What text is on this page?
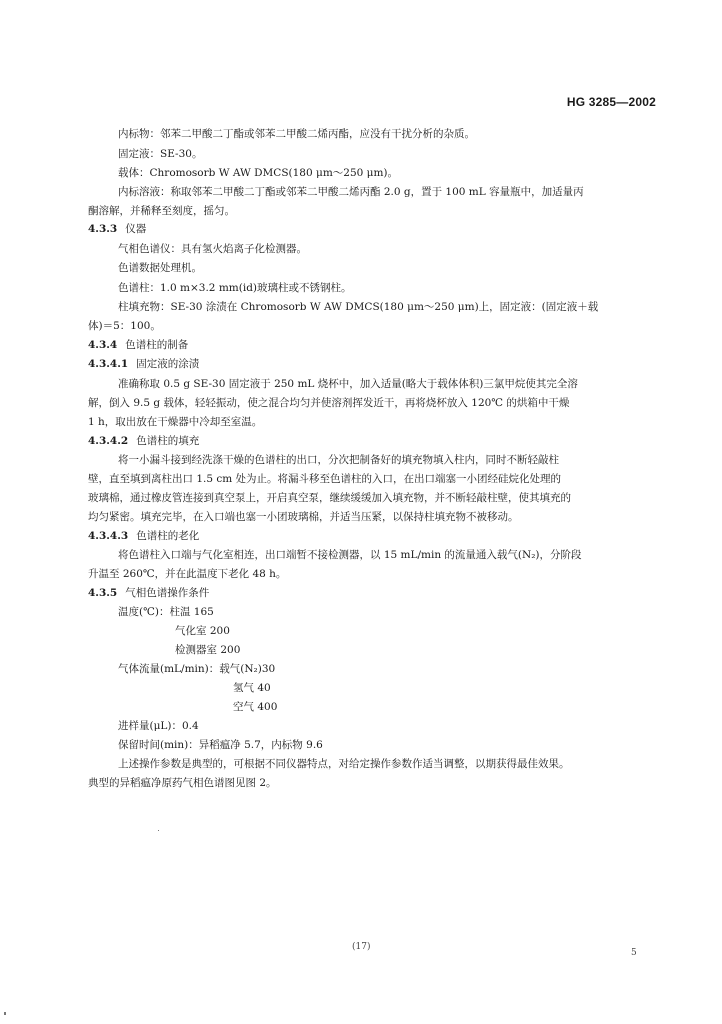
HG 3285—2002
内标物：邻苯二甲酸二丁酯或邻苯二甲酸二烯丙酯，应没有干扰分析的杂质。
固定液：SE-30。
载体：Chromosorb W AW DMCS(180 μm～250 μm)。
内标溶液：称取邻苯二甲酸二丁酯或邻苯二甲酸二烯丙酯 2.0 g，置于 100 mL 容量瓶中，加适量丙
酮溶解，并稀释至刻度，摇匀。
4.3.3 仪器
气相色谱仪：具有氢火焰离子化检测器。
色谱数据处理机。
色谱柱：1.0 m×3.2 mm(id)玻璃柱或不锈钢柱。
柱填充物：SE-30 涂渍在 Chromosorb W AW DMCS(180 μm～250 μm)上，固定液：(固定液＋载
体)＝5：100。
4.3.4 色谱柱的制备
4.3.4.1 固定液的涂渍
准确称取 0.5 g SE-30 固定液于 250 mL 烧杯中，加入适量(略大于载体体积)三氯甲烷使其完全溶
解，倒入 9.5 g 载体，轻轻振动，使之混合均匀并使溶剂挥发近干，再将烧杯放入 120℃ 的烘箱中干燥
1 h，取出放在干燥器中冷却至室温。
4.3.4.2 色谱柱的填充
将一小漏斗接到经洗涤干燥的色谱柱的出口，分次把制备好的填充物填入柱内，同时不断轻敲柱
壁，直至填到离柱出口 1.5 cm 处为止。将漏斗移至色谱柱的入口，在出口端塞一小团经硅烷化处理的
玻璃棉，通过橡皮管连接到真空泵上，开启真空泵，继续缓缓加入填充物，并不断轻敲柱壁，使其填充的
均匀紧密。填充完毕，在入口端也塞一小团玻璃棉，并适当压紧，以保持柱填充物不被移动。
4.3.4.3 色谱柱的老化
将色谱柱入口端与气化室相连，出口端暂不接检测器，以 15 mL/min 的流量通入载气(N₂)，分阶段
升温至 260℃，并在此温度下老化 48 h。
4.3.5 气相色谱操作条件
温度(℃)：柱温 165
气化室 200
检测器室 200
气体流量(mL/min)：载气(N₂)30
氢气 40
空气 400
进样量(μL)：0.4
保留时间(min)：异稻瘟净 5.7，内标物 9.6
上述操作参数是典型的，可根据不同仪器特点，对给定操作参数作适当调整，以期获得最佳效果。
典型的异稻瘟净原药气相色谱图见图 2。
(17)
5
